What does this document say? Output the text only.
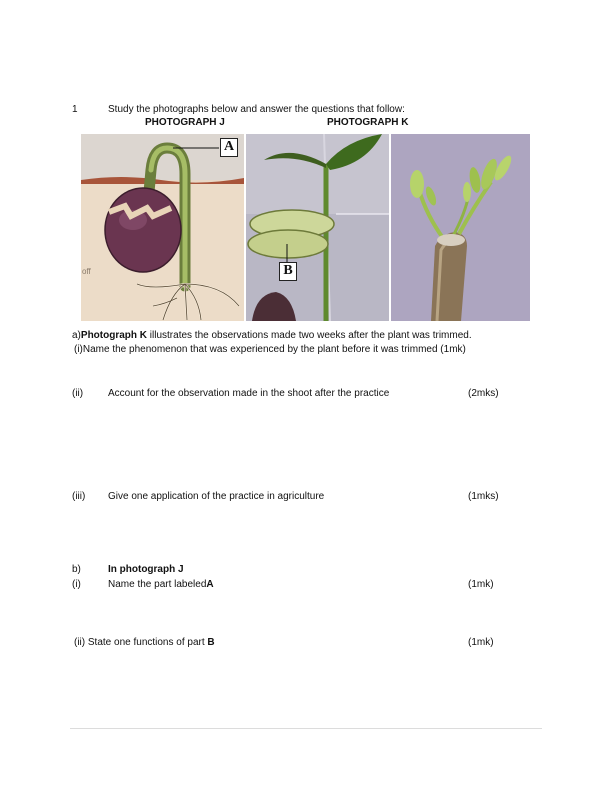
1	Study the photographs below and answer the questions that follow:
PHOTOGRAPH J	PHOTOGRAPH K
off
A
B
a)Photograph K illustrates the observations made two weeks after the plant was trimmed.
(i)Name the phenomenon that was experienced by the plant before it was trimmed (1mk)
(ii) Account for the observation made in the shoot after the practice	(2mks)
(iii) Give one application of the practice in agriculture	(1mks)
b)	In photograph J
(i)	Name the part labeledA	(1mk)
(ii) State one functions of part B	(1mk)
